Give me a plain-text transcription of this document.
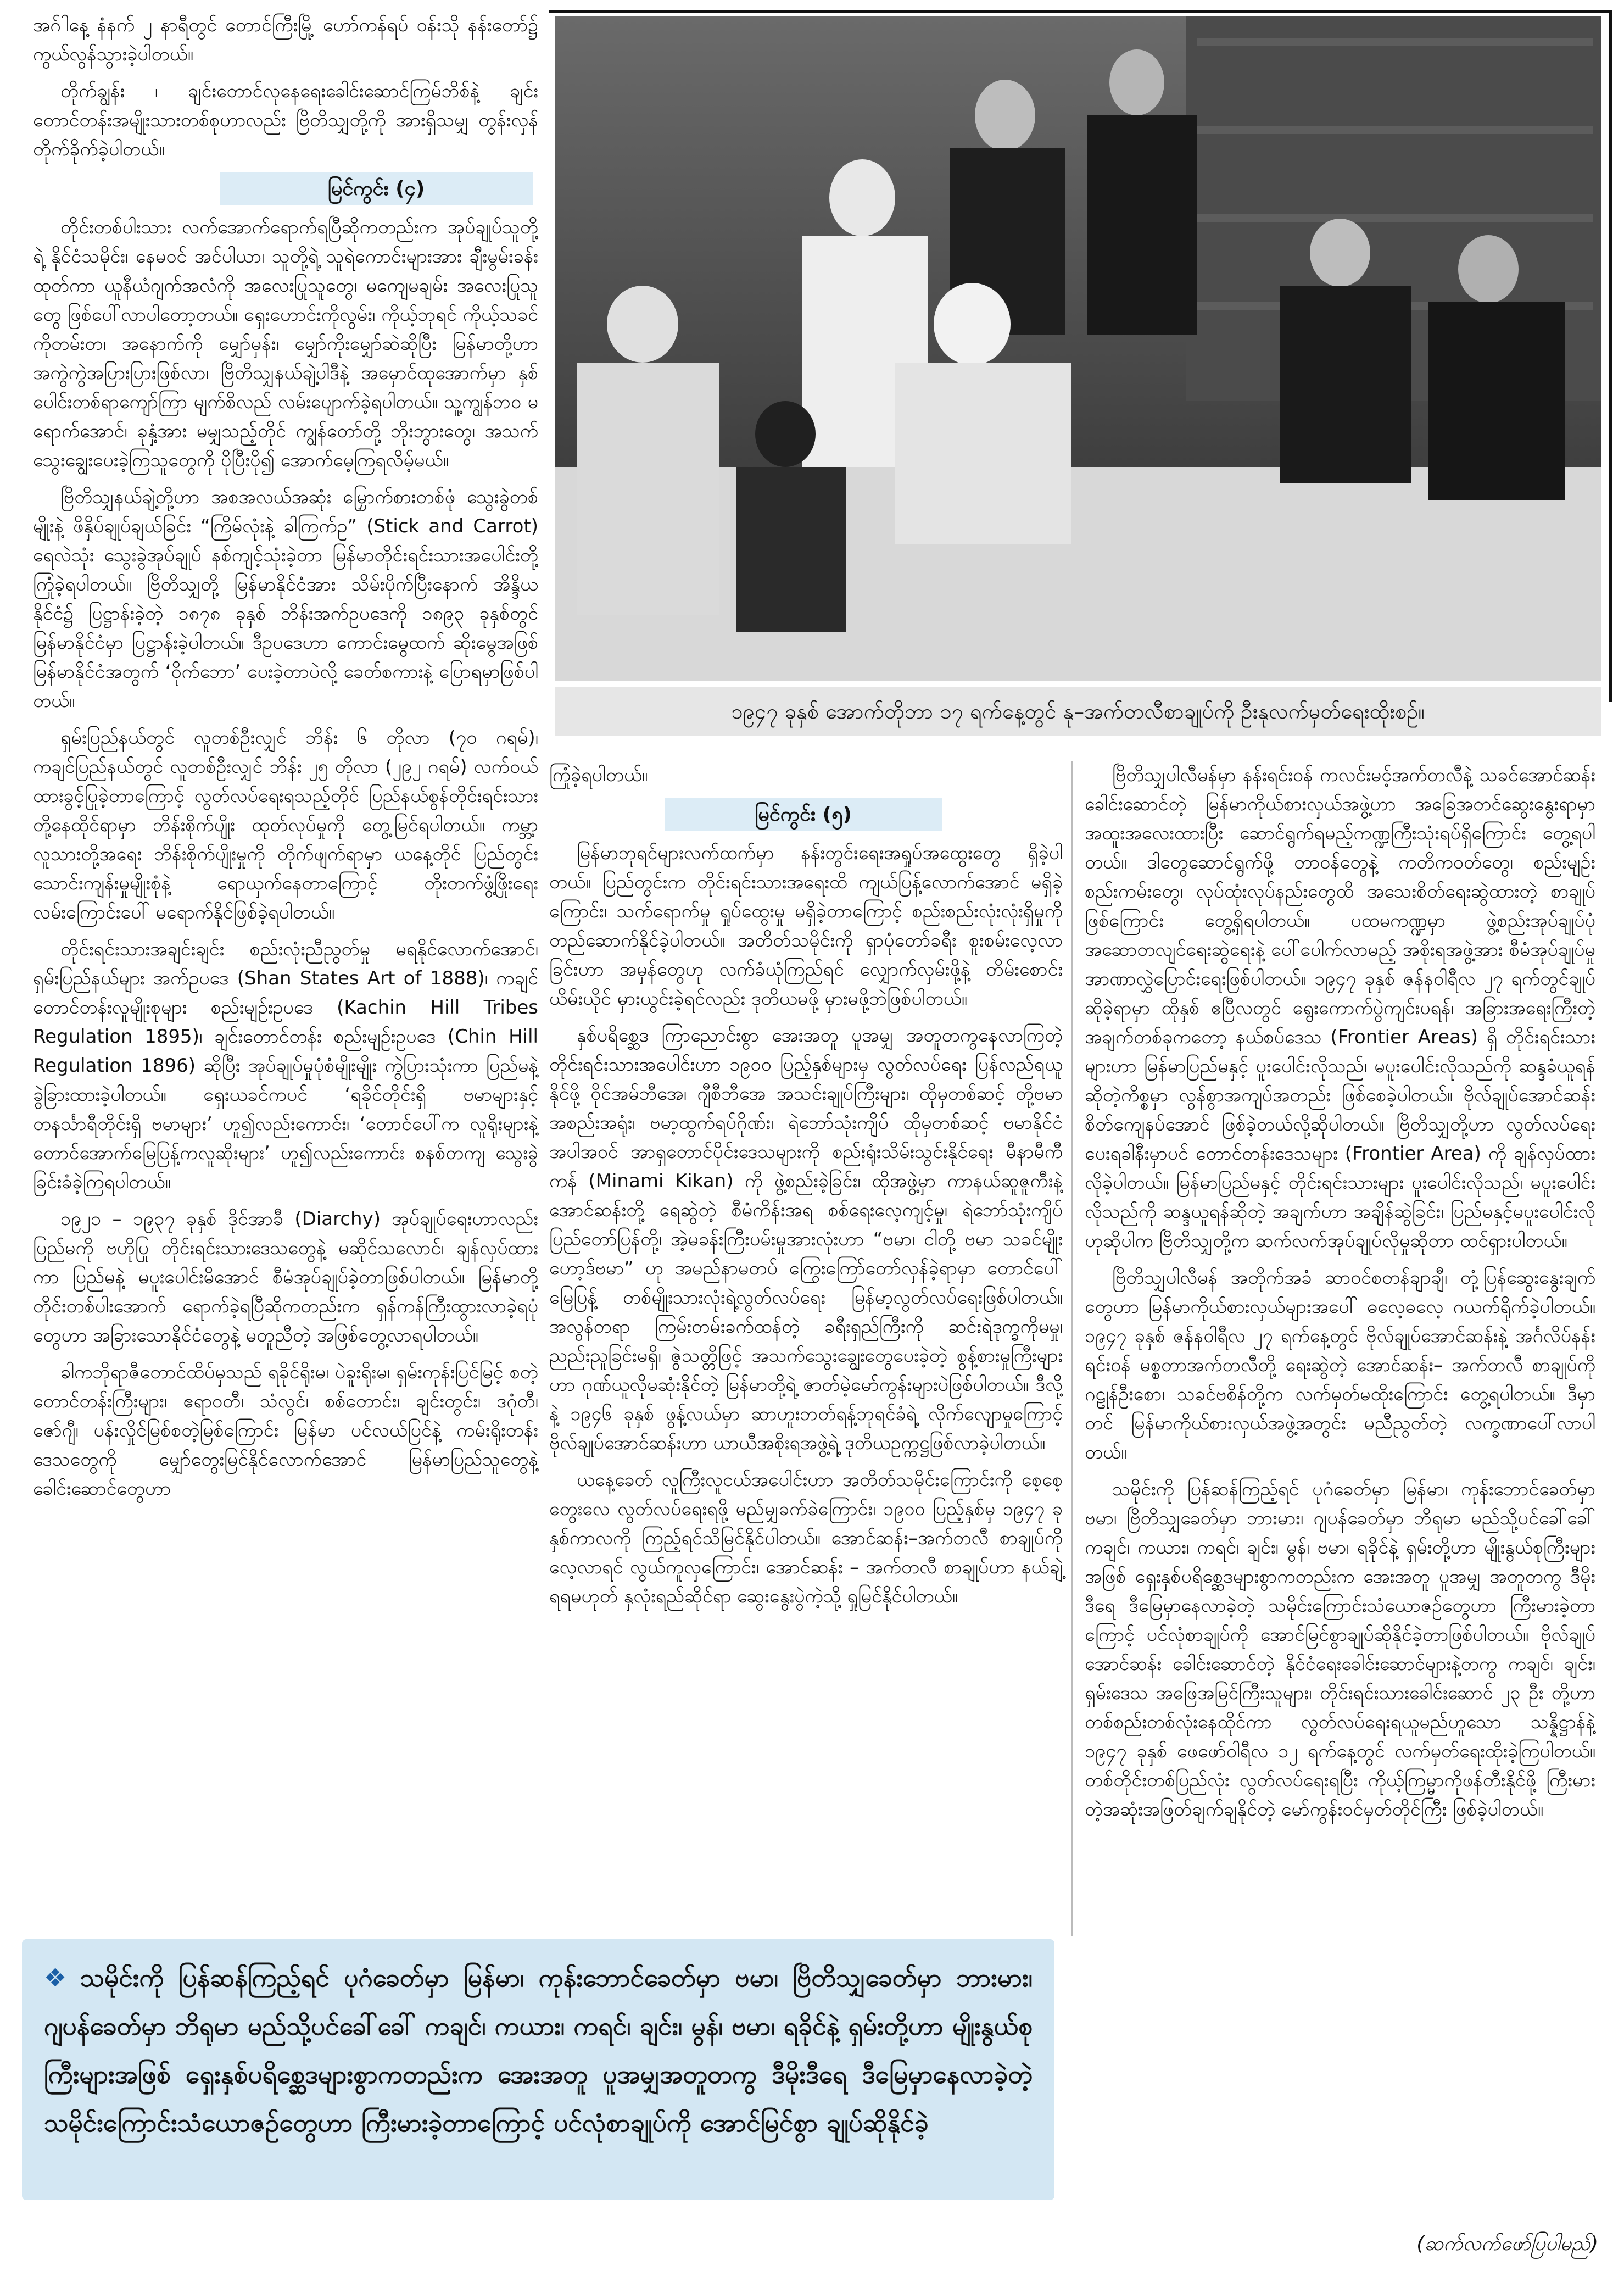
အဂ်ါနေ့ နံနက် ၂ နာရီတွင် တောင်ကြီးမြို့ ဟော်ကန်ရပ် ဝန်းသို နန်းတော်၌ ကွယ်လွန်သွားခဲ့ပါတယ်။

တိုက်ချွန်း ၊ ချင်းတောင်လုနေရေးခေါင်းဆောင်ကြမ်ဘိစ်နဲ့ ချင်းတောင်တန်းအမျိုးသားတစ်စုဟာလည်း ဗြိတိသျှတို့ကို အားရှိသမျှ တွန်းလှန်တိုက်ခိုက်ခဲ့ပါတယ်။

မြင်ကွင်း (၄)

တိုင်းတစ်ပါးသား လက်အောက်ရောက်ရပြီဆိုကတည်းက အုပ်ချုပ်သူတို့ရဲ့ နိုင်ငံသမိုင်း၊ နေမဝင် အင်ပါယာ၊ သူတို့ရဲ့ သူရဲကောင်းများအား ချီးမွမ်းခန်းထုတ်ကာ ယူနီယံဂျက်အလံကို အလေးပြုသူတွေ၊ မကျေမချမ်း အလေးပြုသူတွေ ဖြစ်ပေါ်လာပါတော့တယ်။ ရှေးဟောင်းကိုလွမ်း၊ ကိုယ့်ဘုရင် ကိုယ့်သခင်ကိုတမ်းတ၊ အနောက်ကို မျှော်မှန်း၊ မျှော်ကိုးမျှော်ဆဲဆိုပြီး မြန်မာတို့ဟာ အကွဲကွဲအပြားပြားဖြစ်လာ၊ ဗြိတိသျှနယ်ချဲ့ပါဒီနဲ့ အမှောင်ထုအောက်မှာ နှစ်ပေါင်းတစ်ရာကျော်ကြာ မျက်စိလည် လမ်းပျောက်ခဲ့ရပါတယ်။ သူ့ကျွန်ဘဝ မရောက်အောင်၊ ခုနှံ့အား မမျှသည့်တိုင် ကျွန်တော်တို့ ဘိုးဘွားတွေ၊ အသက်သွေးချွေးပေးခဲ့ကြသူတွေကို ပိုပြီးပို၍ အောက်မေ့ကြရလိမ့်မယ်။

ဗြိတိသျှနယ်ချဲ့တို့ဟာ အစအလယ်အဆုံး မြှောက်စားတစ်ဖုံ သွေးခွဲတစ်မျိုးနဲ့ ဖိနှိပ်ချုပ်ချယ်ခြင်း “ကြိမ်လုံးနဲ့ ခါကြက်ဥ” (Stick and Carrot) ရေလဲသုံး သွေးခွဲအုပ်ချုပ် နစ်ကျင့်သုံးခဲ့တာ မြန်မာတိုင်းရင်းသားအပေါင်းတို့ ကြုံခဲ့ရပါတယ်။ ဗြိတိသျှတို့ မြန်မာနိုင်ငံအား သိမ်းပိုက်ပြီးနောက် အိန္ဒိယနိုင်ငံ၌ ပြဋ္ဌာန်းခဲ့တဲ့ ၁၈၇၈ ခုနှစ် ဘိန်းအက်ဥပဒေကို ၁၈၉၃ ခုနှစ်တွင် မြန်မာနိုင်ငံမှာ ပြဋ္ဌာန်းခဲ့ပါတယ်။ ဒီဥပဒေဟာ ကောင်းမွေထက် ဆိုးမွေအဖြစ် မြန်မာနိုင်ငံအတွက် ‘ဝိုက်ဘော’ ပေးခဲ့တာပဲလို့ ခေတ်စကားနဲ့ ပြောရမှာဖြစ်ပါတယ်။

ရှမ်းပြည်နယ်တွင် လူတစ်ဦးလျှင် ဘိန်း ၆ တိုလာ (၇၀ ဂရမ်)၊ ကချင်ပြည်နယ်တွင် လူတစ်ဦးလျှင် ဘိန်း ၂၅ တိုလာ (၂၉၂ ဂရမ်) လက်ဝယ်ထားခွင့်ပြုခဲ့တာကြောင့် လွတ်လပ်ရေးရသည့်တိုင် ပြည်နယ်စွန်တိုင်းရင်းသားတို့နေထိုင်ရာမှာ ဘိန်းစိုက်ပျိုး ထုတ်လုပ်မှုကို တွေ့မြင်ရပါတယ်။ ကမ္ဘာ့လူသားတို့အရေး ဘိန်းစိုက်ပျိုးမှုကို တိုက်ဖျက်ရာမှာ ယနေ့တိုင် ပြည်တွင်းသောင်းကျန်းမှုမျိုးစုံနဲ့ ရောယှက်နေတာကြောင့် တိုးတက်ဖွံ့ဖြိုးရေး လမ်းကြောင်းပေါ် မရောက်နိုင်ဖြစ်ခဲ့ရပါတယ်။

တိုင်းရင်းသားအချင်းချင်း စည်းလုံးညီညွတ်မှု မရနိုင်လောက်အောင်၊ ရှမ်းပြည်နယ်များ အက်ဥပဒေ (Shan States Art of 1888)၊ ကချင်တောင်တန်းလူမျိုးစုများ စည်းမျဉ်းဥပဒေ (Kachin Hill Tribes Regulation 1895)၊ ချင်းတောင်တန်း စည်းမျဉ်းဥပဒေ (Chin Hill Regulation 1896) ဆိုပြီး အုပ်ချုပ်မှုပုံစံမျိုးမျိုး ကွဲပြားသုံးကာ ပြည်မနဲ့ ခွဲခြားထားခဲ့ပါတယ်။ ရှေးယခင်ကပင် ‘ရခိုင်တိုင်းရှိ ဗမာများနှင့် တနင်္သာရီတိုင်းရှိ ဗမာများ’ ဟူ၍လည်းကောင်း၊ ‘တောင်ပေါ်က လူရိုးများနဲ့ တောင်အောက်မြေပြန့်ကလူဆိုးများ’ ဟူ၍လည်းကောင်း စနစ်တကျ သွေးခွဲခြင်းခံခဲ့ကြရပါတယ်။

၁၉၂၁ – ၁၉၃၇ ခုနှစ် ဒိုင်အာခီ (Diarchy) အုပ်ချုပ်ရေးဟာလည်း ပြည်မကို ဗဟိုပြု တိုင်းရင်းသားဒေသတွေနဲ့ မဆိုင်သလောင်၊ ချန်လှပ်ထားကာ ပြည်မနဲ့ မပူးပေါင်းမိအောင် စီမံအုပ်ချုပ်ခဲ့တာဖြစ်ပါတယ်။ မြန်မာတို့ တိုင်းတစ်ပါးအောက် ရောက်ခဲ့ရပြီဆိုကတည်းက ရှန်ကန်ကြီးထွားလာခဲ့ရပုံတွေဟာ အခြားသောနိုင်ငံတွေနဲ့ မတူညီတဲ့ အဖြစ်တွေ့လာရပါတယ်။

ခါကဘိုရာဇီတောင်ထိပ်မှသည် ရခိုင်ရိုးမ၊ ပဲခူးရိုးမ၊ ရှမ်းကုန်းပြင်မြင့် စတဲ့ တောင်တန်းကြီးများ၊ ဧရာဝတီ၊ သံလွင်၊ စစ်တောင်း၊ ချင်းတွင်း၊ ဒဂုံတီ၊ ဇော်ဂျီ၊ ပန်းလှိုင်မြစ်စတဲ့မြစ်ကြောင်း မြန်မာ ပင်လယ်ပြင်နဲ့ ကမ်းရိုးတန်းဒေသတွေကို မျှော်တွေးမြင်နိုင်လောက်အောင် မြန်မာပြည်သူတွေနဲ့ ခေါင်းဆောင်တွေဟာ

၁၉၄၇ ခုနှစ် အောက်တိုဘာ ၁၇ ရက်နေ့တွင် နု–အက်တလီစာချုပ်ကို ဦးနုလက်မှတ်ရေးထိုးစဉ်။

ကြုံခဲ့ရပါတယ်။

မြင်ကွင်း (၅)

မြန်မာဘုရင်များလက်ထက်မှာ နန်းတွင်းရေးအရှုပ်အထွေးတွေ ရှိခဲ့ပါတယ်။ ပြည်တွင်းက တိုင်းရင်းသားအရေးထိ ကျယ်ပြန့်လောက်အောင် မရှိခဲ့ကြောင်း၊ သက်ရောက်မှု ရှုပ်ထွေးမှု မရှိခဲ့တာကြောင့် စည်းစည်းလုံးလုံးရှိမှုကို တည်ဆောက်နိုင်ခဲ့ပါတယ်။ အတိတ်သမိုင်းကို ရှာပုံတော်ခရီး စူးစမ်းလေ့လာခြင်းဟာ အမှန်တွေဟု လက်ခံယုံကြည်ရင် လျှောက်လှမ်းဖို့နဲ့ တိမ်းစောင်းယိမ်းယိုင် မှားယွင်းခဲ့ရင်လည်း ဒုတိယမဖို့ မှားမဖို့ဘဲဖြစ်ပါတယ်။

နှစ်ပရိစ္ဆေဒ ကြာညောင်းစွာ အေးအတူ ပူအမျှ အတူတကွနေလာကြတဲ့ တိုင်းရင်းသားအပေါင်းဟာ ၁၉၀၀ ပြည့်နှစ်များမှ လွတ်လပ်ရေး ပြန်လည်ရယူနိုင်ဖို့ ဝိုင်အမ်ဘီအေ၊ ဂျီစီဘီအေ အသင်းချုပ်ကြီးများ၊ ထိုမှတစ်ဆင့် တို့ဗမာအစည်းအရုံး၊ ဗမာ့ထွက်ရပ်ဂိုဏ်း၊ ရဲဘော်သုံးကျိပ် ထိုမှတစ်ဆင့် ဗမာနိုင်ငံအပါအဝင် အာရှတောင်ပိုင်းဒေသများကို စည်းရုံးသိမ်းသွင်းနိုင်ရေး မီနာမီကီကန် (Minami Kikan) ကို ဖွဲ့စည်းခဲ့ခြင်း၊ ထိုအဖွဲ့မှာ ကာနယ်ဆူဇူကီးနဲ့ အောင်ဆန်းတို့ ရေဆွဲတဲ့ စီမံကိန်းအရ စစ်ရေးလေ့ကျင့်မှု၊ ရဲဘော်သုံးကျိပ် ပြည်တော်ပြန်တို့၊ အဲ့မခန်းကြီးပမ်းမှုအားလုံးဟာ “ဗမာ၊ ငါတို့ ဗမာ သခင်မျိုး ဟော့ဒ်ဗမာ” ဟု အမည်နာမတပ် ကြွေးကြော်တော်လှန်ခဲ့ရာမှာ တောင်ပေါ်မြေပြန့် တစ်မျိုးသားလုံးရဲ့လွတ်လပ်ရေး မြန်မာ့လွတ်လပ်ရေးဖြစ်ပါတယ်။ အလွန်တရာ ကြမ်းတမ်းခက်ထန်တဲ့ ခရီးရှည်ကြီးကို ဆင်းရဲဒုက္ခကိုမမှု၊ ညည်းညူခြင်းမရှိ၊ ဇွဲသတ္တိဖြင့် အသက်သွေးချွေးတွေပေးခဲ့တဲ့ စွန့်စားမှုကြီးများဟာ ဂုဏ်ယူလိုမဆုံးနိုင်တဲ့ မြန်မာတို့ရဲ့ ဇာတ်မဲ့မော်ကွန်းများပဲဖြစ်ပါတယ်။ ဒီလို့နဲ့ ၁၉၄၆ ခုနှစ် ဖွန့်လယ်မှာ ဆာဟူးဘတ်ရန့်ဘုရင်ခံရဲ့ လိုက်လျောမှုကြောင့် ဗိုလ်ချုပ်အောင်ဆန်းဟာ ယာယီအစိုးရအဖွဲ့ရဲ့ ဒုတိယဥက္ကဋ္ဌဖြစ်လာခဲ့ပါတယ်။

ယနေ့ခေတ် လူကြီးလူငယ်အပေါင်းဟာ အတိတ်သမိုင်းကြောင်းကို စေ့စေ့တွေးလေ လွတ်လပ်ရေးရဖို့ မည်မျှခက်ခဲကြောင်း၊ ၁၉၀၀ ပြည့်နှစ်မှ ၁၉၄၇ ခုနှစ်ကာလကို ကြည့်ရင်သိမြင်နိုင်ပါတယ်။ အောင်ဆန်း–အက်တလီ စာချုပ်ကို လေ့လာရင် လွယ်ကူလှကြောင်း၊ အောင်ဆန်း – အက်တလီ စာချုပ်ဟာ နယ်ချဲ့ရရမဟုတ် နှလုံးရည်ဆိုင်ရာ ဆွေးနွေးပွဲကဲ့သို့ ရှုမြင်နိုင်ပါတယ်။

ဗြိတိသျှပါလီမန်မှာ နန်းရင်းဝန် ကလင်းမင့်အက်တလီနဲ့ သခင်အောင်ဆန်းခေါင်းဆောင်တဲ့ မြန်မာကိုယ်စားလှယ်အဖွဲ့ဟာ အခြေအတင်ဆွေးနွေးရာမှာ အထူးအလေးထားပြီး ဆောင်ရွက်ရမည့်ကဏ္ဍကြီးသုံးရပ်ရှိကြောင်း တွေ့ရပါတယ်။ ဒါတွေဆောင်ရွက်ဖို့ တာဝန်တွေနဲ့ ကတိကဝတ်တွေ၊ စည်းမျဉ်းစည်းကမ်းတွေ၊ လုပ်ထုံးလုပ်နည်းတွေထိ အသေးစိတ်ရေးဆွဲထားတဲ့ စာချုပ်ဖြစ်ကြောင်း တွေ့ရှိရပါတယ်။ ပထမကဏ္ဍမှာ ဖွဲ့စည်းအုပ်ချုပ်ပုံ အဆောတလျင်ရေးဆွဲရေးနဲ့ ပေါ်ပေါက်လာမည့် အစိုးရအဖွဲ့အား စီမံအုပ်ချုပ်မှု အာဏာလွှဲပြောင်းရေးဖြစ်ပါတယ်။ ၁၉၄၇ ခုနှစ် ဇန်နဝါရီလ ၂၇ ရက်တွင်ချုပ်ဆိုခဲ့ရာမှာ ထိုနှစ် ဧပြီလတွင် ရွေးကောက်ပွဲကျင်းပရန်၊ အခြားအရေးကြီးတဲ့ အချက်တစ်ခုကတော့ နယ်စပ်ဒေသ (Frontier Areas) ရှိ တိုင်းရင်းသားများဟာ မြန်မာပြည်မနှင့် ပူးပေါင်းလိုသည်၊ မပူးပေါင်းလိုသည်ကို ဆန္ဒခံယူရန်ဆိုတဲ့ကိစ္စမှာ လွန်စွာအကျပ်အတည်း ဖြစ်စေခဲ့ပါတယ်။ ဗိုလ်ချုပ်အောင်ဆန်း စိတ်ကျေနပ်အောင် ဖြစ်ခဲ့တယ်လို့ဆိုပါတယ်။ ဗြိတိသျှတို့ဟာ လွတ်လပ်ရေးပေးရခါနီးမှာပင် တောင်တန်းဒေသများ (Frontier Area) ကို ချန်လှပ်ထားလိုခဲ့ပါတယ်။ မြန်မာပြည်မနှင့် တိုင်းရင်းသားများ ပူးပေါင်းလိုသည်၊ မပူးပေါင်းလိုသည်ကို ဆန္ဒယူရန်ဆိုတဲ့ အချက်ဟာ အချိန်ဆွဲခြင်း၊ ပြည်မနှင့်မပူးပေါင်းလိုဟုဆိုပါက ဗြိတိသျှတို့က ဆက်လက်အုပ်ချုပ်လိုမှုဆိုတာ ထင်ရှားပါတယ်။

ဗြိတိသျှပါလီမန် အတိုက်အခံ ဆာဝင်စတန်ချာချီ၊ တုံ့ပြန်ဆွေးနွေးချက်တွေဟာ မြန်မာကိုယ်စားလှယ်များအပေါ် ဓလေ့ဓလေ့ ဂယက်ရိုက်ခဲ့ပါတယ်။ ၁၉၄၇ ခုနှစ် ဇန်နဝါရီလ ၂၇ ရက်နေ့တွင် ဗိုလ်ချုပ်အောင်ဆန်းနဲ့ အင်္ဂလိပ်နန်းရင်းဝန် မစ္စတာအက်တလီတို့ ရေးဆွဲတဲ့ အောင်ဆန်း– အက်တလီ စာချုပ်ကို ဂဠုန်ဦးစော၊ သခင်ဗစိန်တို့က လက်မှတ်မထိုးကြောင်း တွေ့ရပါတယ်။ ဒီမှာတင် မြန်မာကိုယ်စားလှယ်အဖွဲ့အတွင်း မညီညွတ်တဲ့ လက္ခဏာပေါ်လာပါတယ်။

သမိုင်းကို ပြန်ဆန်ကြည့်ရင် ပုဂံခေတ်မှာ မြန်မာ၊ ကုန်းဘောင်ခေတ်မှာ ဗမာ၊ ဗြိတိသျှခေတ်မှာ ဘားမား၊ ဂျပန်ခေတ်မှာ ဘိရုမာ မည်သို့ပင်ခေါ်ခေါ် ကချင်၊ ကယား၊ ကရင်၊ ချင်း၊ မွန်၊ ဗမာ၊ ရခိုင်နဲ့ ရှမ်းတို့ဟာ မျိုးနွယ်စုကြီးများအဖြစ် ရှေးနှစ်ပရိစ္ဆေဒများစွာကတည်းက အေးအတူ ပူအမျှ အတူတကွ ဒီမိုးဒီရေ ဒီမြေမှာနေလာခဲ့တဲ့ သမိုင်းကြောင်းသံယောဇဉ်တွေဟာ ကြီးမားခဲ့တာကြောင့် ပင်လုံစာချုပ်ကို အောင်မြင်စွာချုပ်ဆိုနိုင်ခဲ့တာဖြစ်ပါတယ်။ ဗိုလ်ချုပ်အောင်ဆန်း ခေါင်းဆောင်တဲ့ နိုင်ငံရေးခေါင်းဆောင်များနဲ့တကွ ကချင်၊ ချင်း၊ ရှမ်းဒေသ အဖြေအမြင်ကြီးသူများ၊ တိုင်းရင်းသားခေါင်းဆောင် ၂၃ ဦး တို့ဟာ တစ်စည်းတစ်လုံးနေထိုင်ကာ လွတ်လပ်ရေးရယူမည်ဟူသော သန္နိဋ္ဌာန်နဲ့ ၁၉၄၇ ခုနှစ် ဖေဖော်ဝါရီလ ၁၂ ရက်နေ့တွင် လက်မှတ်ရေးထိုးခဲ့ကြပါတယ်။ တစ်တိုင်းတစ်ပြည်လုံး လွတ်လပ်ရေးရပြီး ကိုယ့်ကြမ္မာကိုဖန်တီးနိုင်ဖို့ ကြီးမားတဲ့အဆုံးအဖြတ်ချက်ချနိုင်တဲ့ မော်ကွန်းဝင်မှတ်တိုင်ကြီး ဖြစ်ခဲ့ပါတယ်။

❖ သမိုင်းကို ပြန်ဆန်ကြည့်ရင် ပုဂံခေတ်မှာ မြန်မာ၊ ကုန်းဘောင်ခေတ်မှာ ဗမာ၊ ဗြိတိသျှခေတ်မှာ ဘားမား၊ ဂျပန်ခေတ်မှာ ဘိရုမာ မည်သို့ပင်ခေါ်ခေါ် ကချင်၊ ကယား၊ ကရင်၊ ချင်း၊ မွန်၊ ဗမာ၊ ရခိုင်နဲ့ ရှမ်းတို့ဟာ မျိုးနွယ်စုကြီးများအဖြစ် ရှေးနှစ်ပရိစ္ဆေဒများစွာကတည်းက အေးအတူ ပူအမျှအတူတကွ ဒီမိုးဒီရေ ဒီမြေမှာနေလာခဲ့တဲ့ သမိုင်းကြောင်းသံယောဇဉ်တွေဟာ ကြီးမားခဲ့တာကြောင့် ပင်လုံစာချုပ်ကို အောင်မြင်စွာ ချုပ်ဆိုနိုင်ခဲ့
(ဆက်လက်ဖော်ပြပါမည်)
